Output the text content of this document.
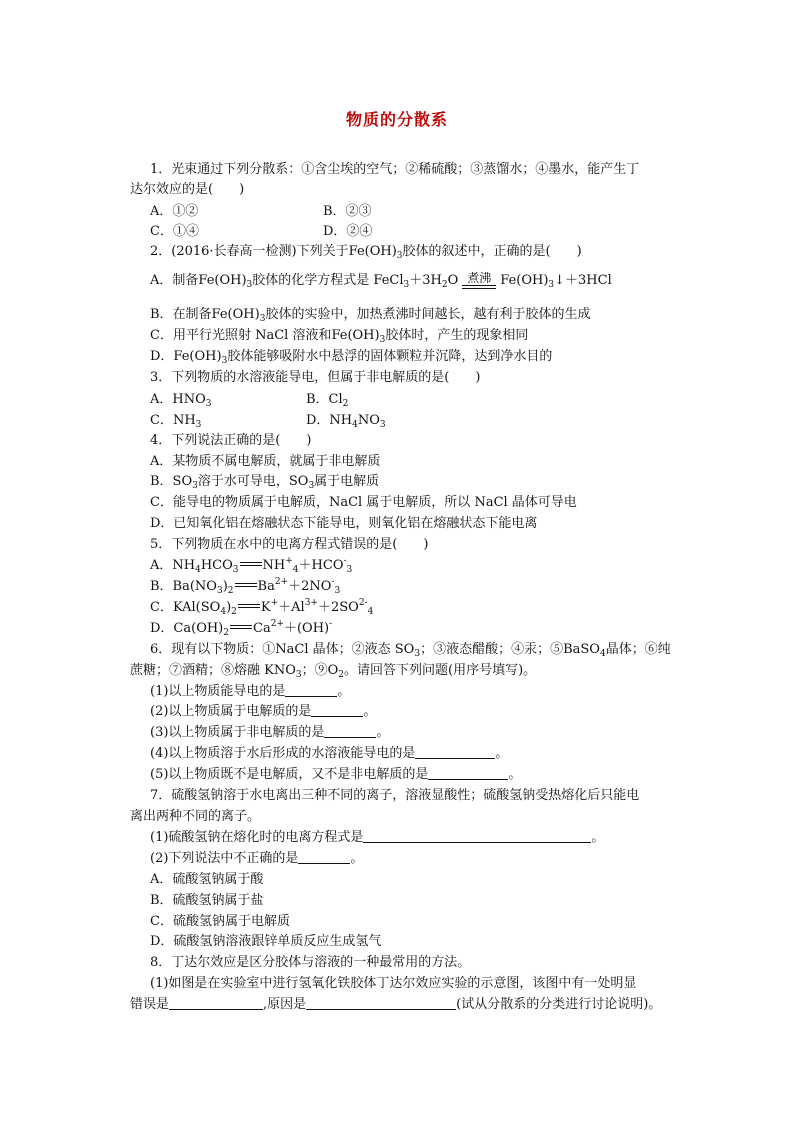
物质的分散系
1．光束通过下列分散系：①含尘埃的空气；②稀硫酸；③蒸馏水；④墨水，能产生丁
达尔效应的是(　　)
A．①②	B．②③
C．①④	D．②④
2．(2016·长春高一检测)下列关于$Fe(OH)_3$胶体的叙述中，正确的是(　　)
A．制备$Fe(OH)_3$胶体的化学方程式是 $FeCl_3+3H_2O$ 煮沸 $Fe(OH)_3↓+3HCl$
B．在制备$Fe(OH)_3$胶体的实验中，加热煮沸时间越长，越有利于胶体的生成
C．用平行光照射 NaCl 溶液和$Fe(OH)_3$胶体时，产生的现象相同
D．$Fe(OH)_3$胶体能够吸附水中悬浮的固体颗粒并沉降，达到净水目的
3．下列物质的水溶液能导电，但属于非电解质的是(　　)
A．$HNO_3$	B．$Cl_2$
C．$NH_3$	D．$NH_4NO_3$
4．下列说法正确的是(　　)
A．某物质不属电解质，就属于非电解质
B．$SO_3$溶于水可导电，$SO_3$属于电解质
C．能导电的物质属于电解质，NaCl 属于电解质，所以 NaCl 晶体可导电
D．已知氧化铝在熔融状态下能导电，则氧化铝在熔融状态下能电离
5．下列物质在水中的电离方程式错误的是(　　)
A．$NH_4HCO_3$ $NH^+_4+HCO^-_3$
B．$Ba(NO_3)_2$ $Ba^{2+}+2NO^-_3$
C．$KAl(SO_4)_2$ $K^++Al^{3+}+2SO^{2-}_4$
D．$Ca(OH)_2$ $Ca^{2+}+(OH)^-$
6．现有以下物质：①NaCl 晶体；②液态 $SO_3$；③液态醋酸；④汞；⑤BaSO$_4$晶体；⑥纯
蔗糖；⑦酒精；⑧熔融 $KNO_3$；$⑨O_2$。请回答下列问题(用序号填写)。
(1)以上物质能导电的是	。
(2)以上物质属于电解质的是	。
(3)以上物质属于非电解质的是	。
(4)以上物质溶于水后形成的水溶液能导电的是	。
(5)以上物质既不是电解质，又不是非电解质的是	。
7．硫酸氢钠溶于水电离出三种不同的离子，溶液显酸性；硫酸氢钠受热熔化后只能电
离出两种不同的离子。
(1)硫酸氢钠在熔化时的电离方程式是	。
(2)下列说法中不正确的是	。
A．硫酸氢钠属于酸
B．硫酸氢钠属于盐
C．硫酸氢钠属于电解质
D．硫酸氢钠溶液跟锌单质反应生成氢气
8．丁达尔效应是区分胶体与溶液的一种最常用的方法。
(1)如图是在实验室中进行氢氧化铁胶体丁达尔效应实验的示意图，该图中有一处明显
错误是	,原因是	(试从分散系的分类进行讨论说明)。
